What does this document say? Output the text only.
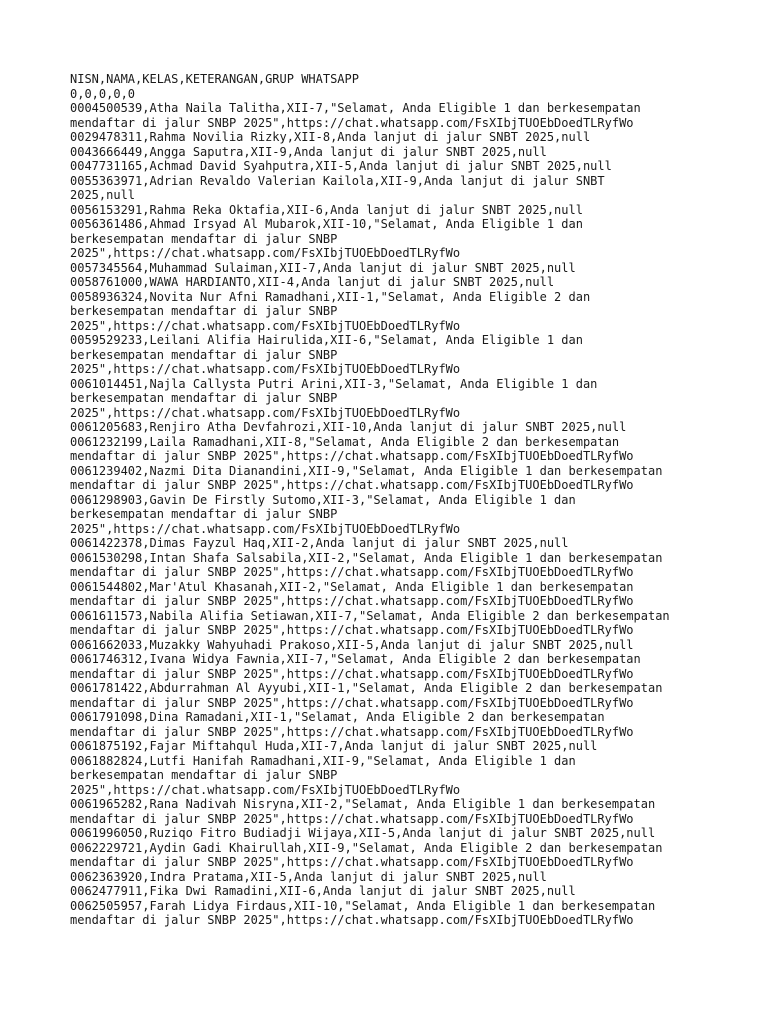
NISN,NAMA,KELAS,KETERANGAN,GRUP WHATSAPP
0,0,0,0,0
0004500539,Atha Naila Talitha,XII-7,"Selamat, Anda Eligible 1 dan berkesempatan
mendaftar di jalur SNBP 2025",https://chat.whatsapp.com/FsXIbjTUOEbDoedTLRyfWo
0029478311,Rahma Novilia Rizky,XII-8,Anda lanjut di jalur SNBT 2025,null
0043666449,Angga Saputra,XII-9,Anda lanjut di jalur SNBT 2025,null
0047731165,Achmad David Syahputra,XII-5,Anda lanjut di jalur SNBT 2025,null
0055363971,Adrian Revaldo Valerian Kailola,XII-9,Anda lanjut di jalur SNBT
2025,null
0056153291,Rahma Reka Oktafia,XII-6,Anda lanjut di jalur SNBT 2025,null
0056361486,Ahmad Irsyad Al Mubarok,XII-10,"Selamat, Anda Eligible 1 dan
berkesempatan mendaftar di jalur SNBP
2025",https://chat.whatsapp.com/FsXIbjTUOEbDoedTLRyfWo
0057345564,Muhammad Sulaiman,XII-7,Anda lanjut di jalur SNBT 2025,null
0058761000,WAWA HARDIANTO,XII-4,Anda lanjut di jalur SNBT 2025,null
0058936324,Novita Nur Afni Ramadhani,XII-1,"Selamat, Anda Eligible 2 dan
berkesempatan mendaftar di jalur SNBP
2025",https://chat.whatsapp.com/FsXIbjTUOEbDoedTLRyfWo
0059529233,Leilani Alifia Hairulida,XII-6,"Selamat, Anda Eligible 1 dan
berkesempatan mendaftar di jalur SNBP
2025",https://chat.whatsapp.com/FsXIbjTUOEbDoedTLRyfWo
0061014451,Najla Callysta Putri Arini,XII-3,"Selamat, Anda Eligible 1 dan
berkesempatan mendaftar di jalur SNBP
2025",https://chat.whatsapp.com/FsXIbjTUOEbDoedTLRyfWo
0061205683,Renjiro Atha Devfahrozi,XII-10,Anda lanjut di jalur SNBT 2025,null
0061232199,Laila Ramadhani,XII-8,"Selamat, Anda Eligible 2 dan berkesempatan
mendaftar di jalur SNBP 2025",https://chat.whatsapp.com/FsXIbjTUOEbDoedTLRyfWo
0061239402,Nazmi Dita Dianandini,XII-9,"Selamat, Anda Eligible 1 dan berkesempatan
mendaftar di jalur SNBP 2025",https://chat.whatsapp.com/FsXIbjTUOEbDoedTLRyfWo
0061298903,Gavin De Firstly Sutomo,XII-3,"Selamat, Anda Eligible 1 dan
berkesempatan mendaftar di jalur SNBP
2025",https://chat.whatsapp.com/FsXIbjTUOEbDoedTLRyfWo
0061422378,Dimas Fayzul Haq,XII-2,Anda lanjut di jalur SNBT 2025,null
0061530298,Intan Shafa Salsabila,XII-2,"Selamat, Anda Eligible 1 dan berkesempatan
mendaftar di jalur SNBP 2025",https://chat.whatsapp.com/FsXIbjTUOEbDoedTLRyfWo
0061544802,Mar'Atul Khasanah,XII-2,"Selamat, Anda Eligible 1 dan berkesempatan
mendaftar di jalur SNBP 2025",https://chat.whatsapp.com/FsXIbjTUOEbDoedTLRyfWo
0061611573,Nabila Alifia Setiawan,XII-7,"Selamat, Anda Eligible 2 dan berkesempatan
mendaftar di jalur SNBP 2025",https://chat.whatsapp.com/FsXIbjTUOEbDoedTLRyfWo
0061662033,Muzakky Wahyuhadi Prakoso,XII-5,Anda lanjut di jalur SNBT 2025,null
0061746312,Ivana Widya Fawnia,XII-7,"Selamat, Anda Eligible 2 dan berkesempatan
mendaftar di jalur SNBP 2025",https://chat.whatsapp.com/FsXIbjTUOEbDoedTLRyfWo
0061781422,Abdurrahman Al Ayyubi,XII-1,"Selamat, Anda Eligible 2 dan berkesempatan
mendaftar di jalur SNBP 2025",https://chat.whatsapp.com/FsXIbjTUOEbDoedTLRyfWo
0061791098,Dina Ramadani,XII-1,"Selamat, Anda Eligible 2 dan berkesempatan
mendaftar di jalur SNBP 2025",https://chat.whatsapp.com/FsXIbjTUOEbDoedTLRyfWo
0061875192,Fajar Miftahqul Huda,XII-7,Anda lanjut di jalur SNBT 2025,null
0061882824,Lutfi Hanifah Ramadhani,XII-9,"Selamat, Anda Eligible 1 dan
berkesempatan mendaftar di jalur SNBP
2025",https://chat.whatsapp.com/FsXIbjTUOEbDoedTLRyfWo
0061965282,Rana Nadivah Nisryna,XII-2,"Selamat, Anda Eligible 1 dan berkesempatan
mendaftar di jalur SNBP 2025",https://chat.whatsapp.com/FsXIbjTUOEbDoedTLRyfWo
0061996050,Ruziqo Fitro Budiadji Wijaya,XII-5,Anda lanjut di jalur SNBT 2025,null
0062229721,Aydin Gadi Khairullah,XII-9,"Selamat, Anda Eligible 2 dan berkesempatan
mendaftar di jalur SNBP 2025",https://chat.whatsapp.com/FsXIbjTUOEbDoedTLRyfWo
0062363920,Indra Pratama,XII-5,Anda lanjut di jalur SNBT 2025,null
0062477911,Fika Dwi Ramadini,XII-6,Anda lanjut di jalur SNBT 2025,null
0062505957,Farah Lidya Firdaus,XII-10,"Selamat, Anda Eligible 1 dan berkesempatan
mendaftar di jalur SNBP 2025",https://chat.whatsapp.com/FsXIbjTUOEbDoedTLRyfWo
